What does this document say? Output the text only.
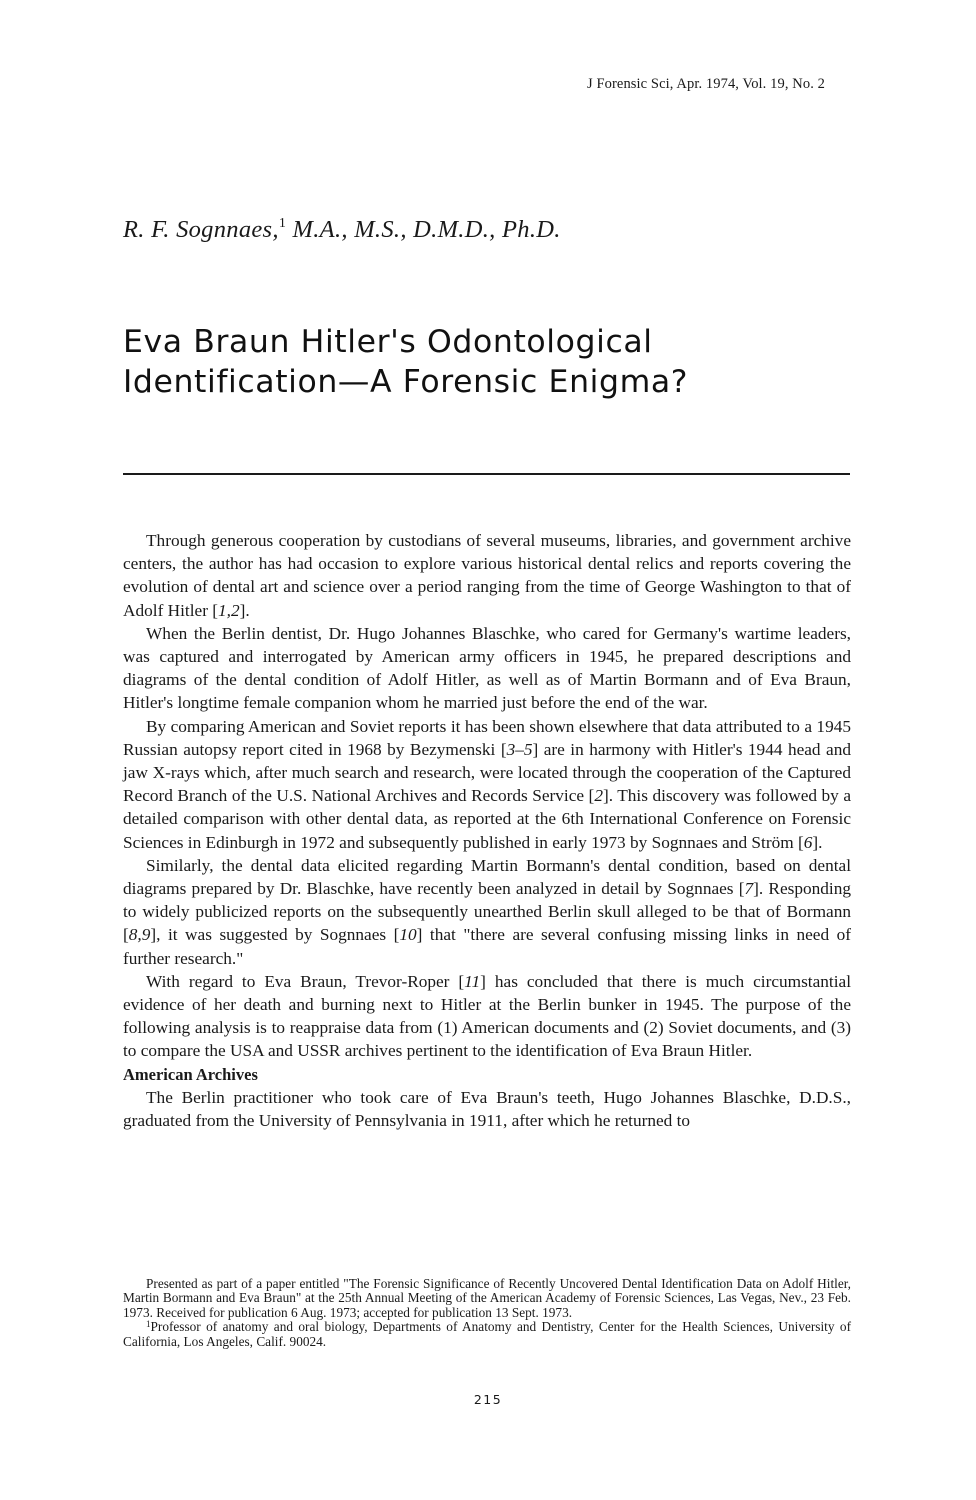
J Forensic Sci, Apr. 1974, Vol. 19, No. 2
R. F. Sognnaes,$^1$ M.A., M.S., D.M.D., Ph.D.
Eva Braun Hitler's Odontological
Identification—A Forensic Enigma?

Through generous cooperation by custodians of several museums, libraries, and government archive centers, the author has had occasion to explore various historical dental relics and reports covering the evolution of dental art and science over a period ranging from the time of George Washington to that of Adolf Hitler [1,2].

When the Berlin dentist, Dr. Hugo Johannes Blaschke, who cared for Germany's wartime leaders, was captured and interrogated by American army officers in 1945, he prepared descriptions and diagrams of the dental condition of Adolf Hitler, as well as of Martin Bormann and of Eva Braun, Hitler's longtime female companion whom he married just before the end of the war.

By comparing American and Soviet reports it has been shown elsewhere that data attributed to a 1945 Russian autopsy report cited in 1968 by Bezymenski [3–5] are in harmony with Hitler's 1944 head and jaw X-rays which, after much search and research, were located through the cooperation of the Captured Record Branch of the U.S. National Archives and Records Service [2]. This discovery was followed by a detailed comparison with other dental data, as reported at the 6th International Conference on Forensic Sciences in Edinburgh in 1972 and subsequently published in early 1973 by Sognnaes and Ström [6].

Similarly, the dental data elicited regarding Martin Bormann's dental condition, based on dental diagrams prepared by Dr. Blaschke, have recently been analyzed in detail by Sognnaes [7]. Responding to widely publicized reports on the subsequently unearthed Berlin skull alleged to be that of Bormann [8,9], it was suggested by Sognnaes [10] that "there are several confusing missing links in need of further research."

With regard to Eva Braun, Trevor-Roper [11] has concluded that there is much circumstantial evidence of her death and burning next to Hitler at the Berlin bunker in 1945. The purpose of the following analysis is to reappraise data from (1) American documents and (2) Soviet documents, and (3) to compare the USA and USSR archives pertinent to the identification of Eva Braun Hitler.

American Archives

The Berlin practitioner who took care of Eva Braun's teeth, Hugo Johannes Blaschke, D.D.S., graduated from the University of Pennsylvania in 1911, after which he returned to

Presented as part of a paper entitled "The Forensic Significance of Recently Uncovered Dental Identification Data on Adolf Hitler, Martin Bormann and Eva Braun" at the 25th Annual Meeting of the American Academy of Forensic Sciences, Las Vegas, Nev., 23 Feb. 1973. Received for publication 6 Aug. 1973; accepted for publication 13 Sept. 1973.

$^1$Professor of anatomy and oral biology, Departments of Anatomy and Dentistry, Center for the Health Sciences, University of California, Los Angeles, Calif. 90024.

215
